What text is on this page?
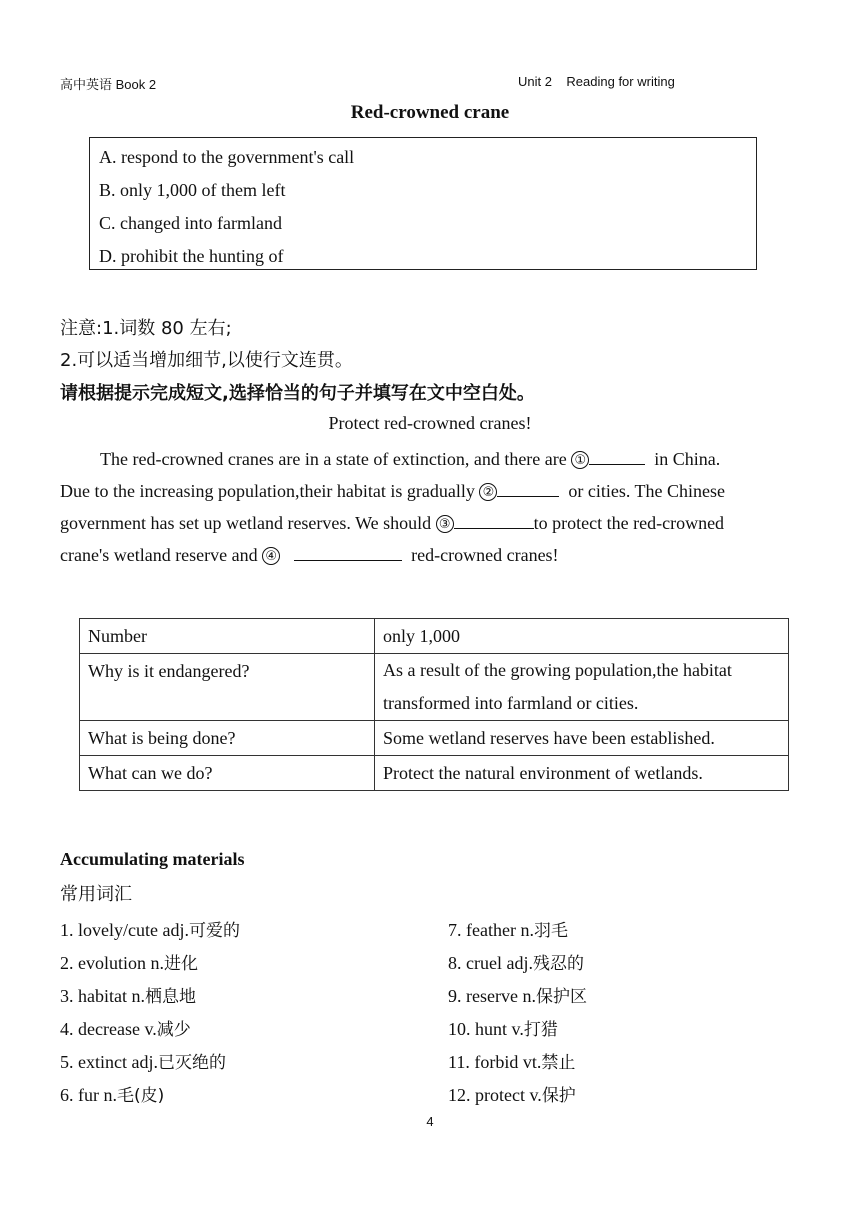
高中英语 Book 2	Unit 2    Reading for writing
Red-crowned crane
A. respond to the government's call
B. only 1,000 of them left
C. changed into farmland
D. prohibit the hunting of
注意:1.词数 80 左右;
2.可以适当增加细节,以使行文连贯。
请根据提示完成短文,选择恰当的句子并填写在文中空白处。
Protect red-crowned cranes!
The red-crowned cranes are in a state of extinction, and there are ①	in China.
Due to the increasing population,their habitat is gradually ②	or cities. The Chinese
government has set up wetland reserves. We should ③	to protect the red-crowned
crane's wetland reserve and ④	red-crowned cranes!
Number	only 1,000
Why is it endangered?	As a result of the growing population,the habitat
transformed into farmland or cities.

What is being done?	Some wetland reserves have been established.
What can we do?	Protect the natural environment of wetlands.
Accumulating materials
常用词汇
1. lovely/cute adj.可爱的
2. evolution n.进化
3. habitat n.栖息地
4. decrease v.减少
5. extinct adj.已灭绝的
6. fur n.毛(皮)
7. feather n.羽毛
8. cruel adj.残忍的
9. reserve n.保护区
10. hunt v.打猎
11. forbid vt.禁止
12. protect v.保护
4
